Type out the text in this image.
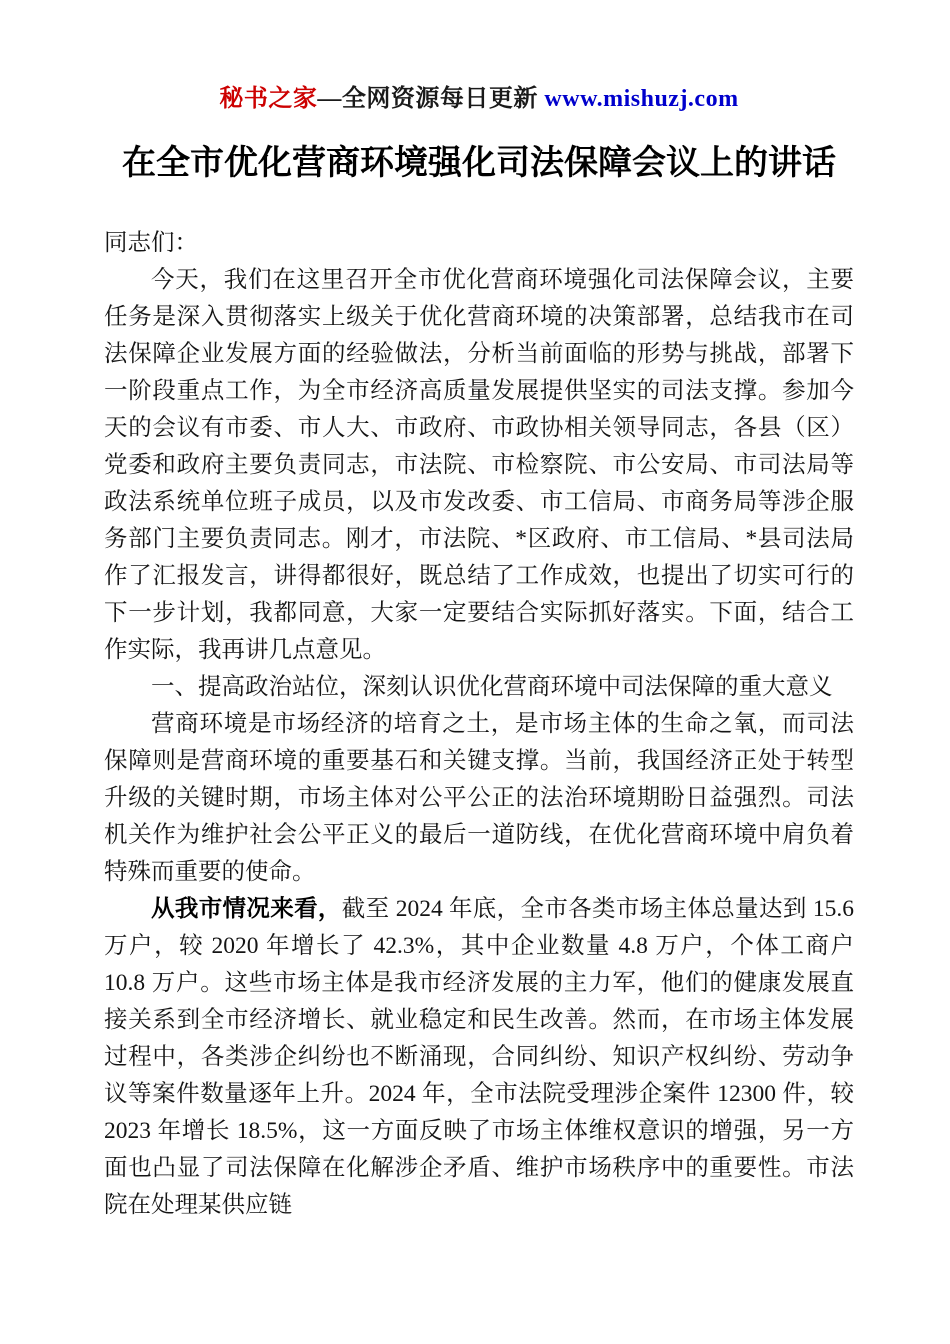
秘书之家—全网资源每日更新 www.mishuzj.com
在全市优化营商环境强化司法保障会议上的讲话

同志们：

今天，我们在这里召开全市优化营商环境强化司法保障会议，主要任务是深入贯彻落实上级关于优化营商环境的决策部署，总结我市在司法保障企业发展方面的经验做法，分析当前面临的形势与挑战，部署下一阶段重点工作，为全市经济高质量发展提供坚实的司法支撑。参加今天的会议有市委、市人大、市政府、市政协相关领导同志，各县（区）党委和政府主要负责同志，市法院、市检察院、市公安局、市司法局等政法系统单位班子成员，以及市发改委、市工信局、市商务局等涉企服务部门主要负责同志。刚才，市法院、*区政府、市工信局、*县司法局作了汇报发言，讲得都很好，既总结了工作成效，也提出了切实可行的下一步计划，我都同意，大家一定要结合实际抓好落实。下面，结合工作实际，我再讲几点意见。

一、提高政治站位，深刻认识优化营商环境中司法保障的重大意义

营商环境是市场经济的培育之土，是市场主体的生命之氧，而司法保障则是营商环境的重要基石和关键支撑。当前，我国经济正处于转型升级的关键时期，市场主体对公平公正的法治环境期盼日益强烈。司法机关作为维护社会公平正义的最后一道防线，在优化营商环境中肩负着特殊而重要的使命。

从我市情况来看，截至 2024 年底，全市各类市场主体总量达到 15.6 万户，较 2020 年增长了 42.3%，其中企业数量 4.8 万户，个体工商户 10.8 万户。这些市场主体是我市经济发展的主力军，他们的健康发展直接关系到全市经济增长、就业稳定和民生改善。然而，在市场主体发展过程中，各类涉企纠纷也不断涌现，合同纠纷、知识产权纠纷、劳动争议等案件数量逐年上升。2024 年，全市法院受理涉企案件 12300 件，较 2023 年增长 18.5%，这一方面反映了市场主体维权意识的增强，另一方面也凸显了司法保障在化解涉企矛盾、维护市场秩序中的重要性。市法院在处理某供应链
